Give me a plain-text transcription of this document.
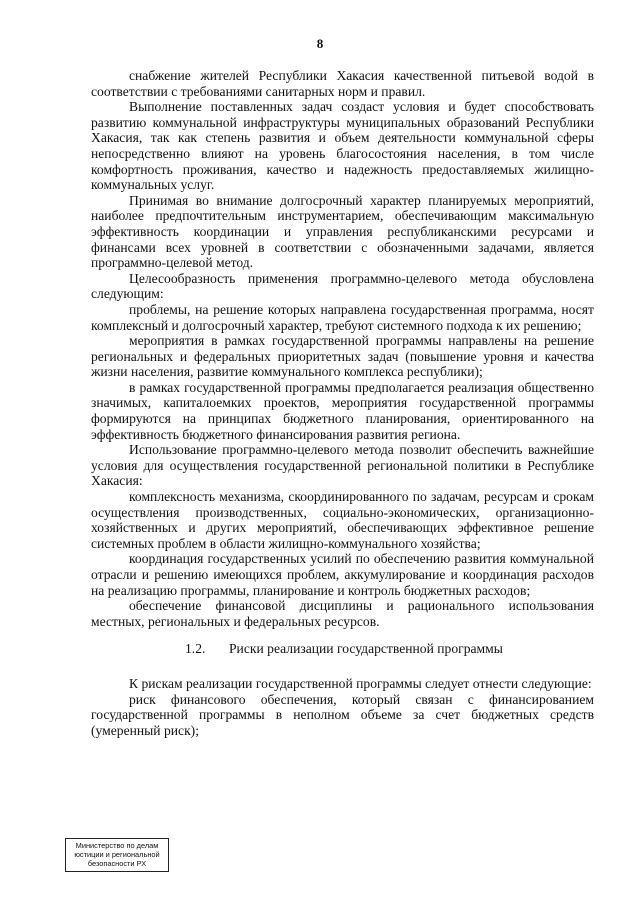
8

снабжение жителей Республики Хакасия качественной питьевой водой в соответствии с требованиями санитарных норм и правил.

Выполнение поставленных задач создаст условия и будет способствовать развитию коммунальной инфраструктуры муниципальных образований Республики Хакасия, так как степень развития и объем деятельности коммунальной сферы непосредственно влияют на уровень благосостояния населения, в том числе комфортность проживания, качество и надежность предоставляемых жилищно-коммунальных услуг.

Принимая во внимание долгосрочный характер планируемых мероприятий, наиболее предпочтительным инструментарием, обеспечивающим максимальную эффективность координации и управления республиканскими ресурсами и финансами всех уровней в соответствии с обозначенными задачами, является программно-целевой метод.

Целесообразность применения программно-целевого метода обусловлена следующим:

проблемы, на решение которых направлена государственная программа, носят комплексный и долгосрочный характер, требуют системного подхода к их решению;

мероприятия в рамках государственной программы направлены на решение региональных и федеральных приоритетных задач (повышение уровня и качества жизни населения, развитие коммунального комплекса республики);

в рамках государственной программы предполагается реализация общественно значимых, капиталоемких проектов, мероприятия государственной программы формируются на принципах бюджетного планирования, ориентированного на эффективность бюджетного финансирования развития региона.

Использование программно-целевого метода позволит обеспечить важнейшие условия для осуществления государственной региональной политики в Республике Хакасия:

комплексность механизма, скоординированного по задачам, ресурсам и срокам осуществления производственных, социально-экономических, организационно-хозяйственных и других мероприятий, обеспечивающих эффективное решение системных проблем в области жилищно-коммунального хозяйства;

координация государственных усилий по обеспечению развития коммунальной отрасли и решению имеющихся проблем, аккумулирование и координация расходов на реализацию программы, планирование и контроль бюджетных расходов;

обеспечение финансовой дисциплины и рационального использования местных, региональных и федеральных ресурсов.

1.2. Риски реализации государственной программы

К рискам реализации государственной программы следует отнести следующие:

риск финансового обеспечения, который связан с финансированием государственной программы в неполном объеме за счет бюджетных средств (умеренный риск);

Министерство по делам
юстиции и региональной
безопасности РХ
